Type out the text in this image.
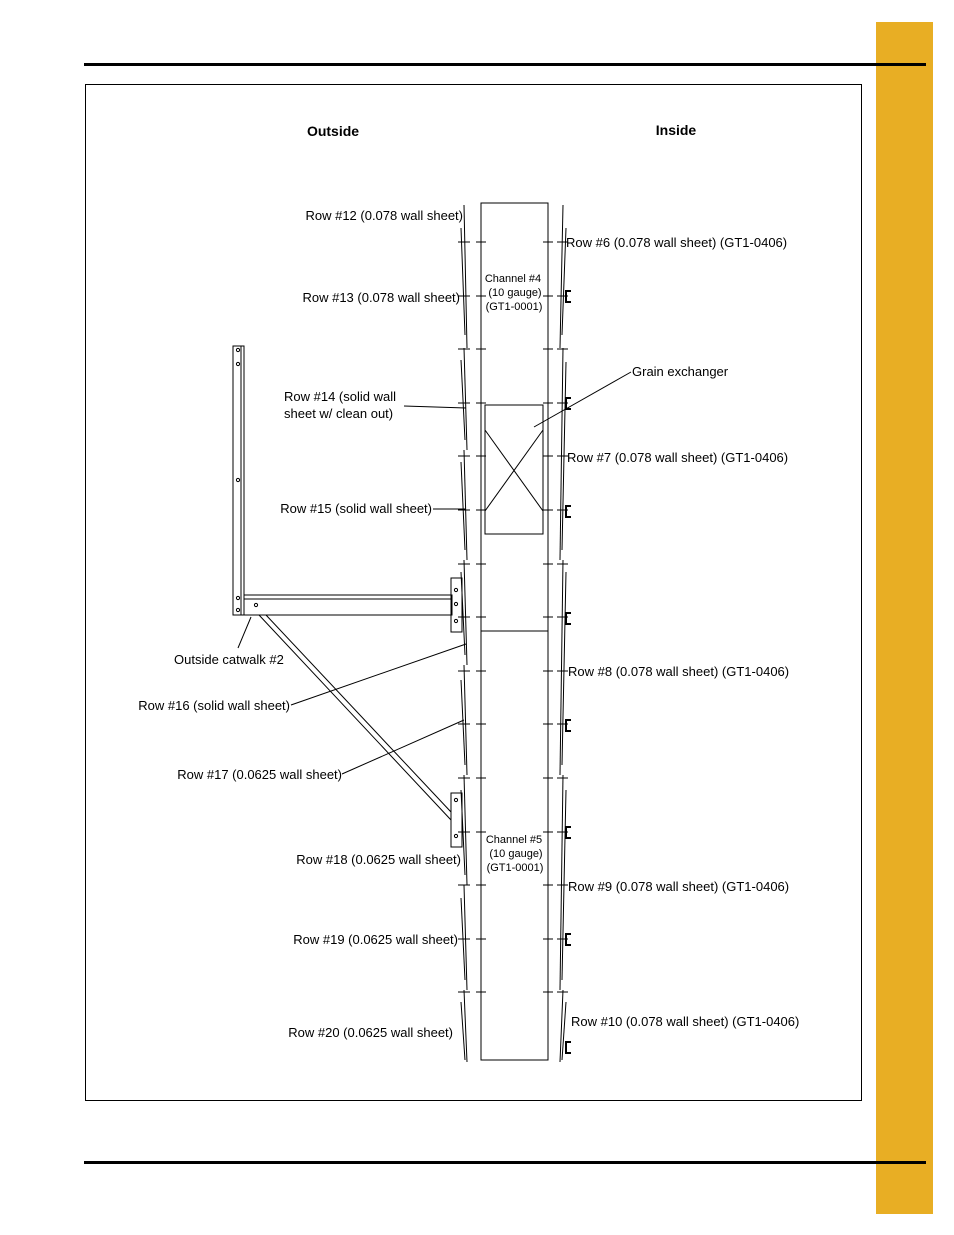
Outside	Inside
Row #12 (0.078 wall sheet)
Row #13 (0.078 wall sheet)
Row #14 (solid wall
sheet w/ clean out)
Row #15 (solid wall sheet)
Outside catwalk #2
Row #16 (solid wall sheet)
Row #17 (0.0625 wall sheet)
Row #18 (0.0625 wall sheet)
Row #19 (0.0625 wall sheet)
Row #20 (0.0625 wall sheet)
Row #6 (0.078 wall sheet) (GT1-0406)
Grain exchanger
Row #7 (0.078 wall sheet) (GT1-0406)
Row #8 (0.078 wall sheet) (GT1-0406)
Row #9 (0.078 wall sheet) (GT1-0406)
Row #10 (0.078 wall sheet) (GT1-0406)
Channel #4
(10 gauge)
(GT1-0001)
Channel #5
(10 gauge)
(GT1-0001)
